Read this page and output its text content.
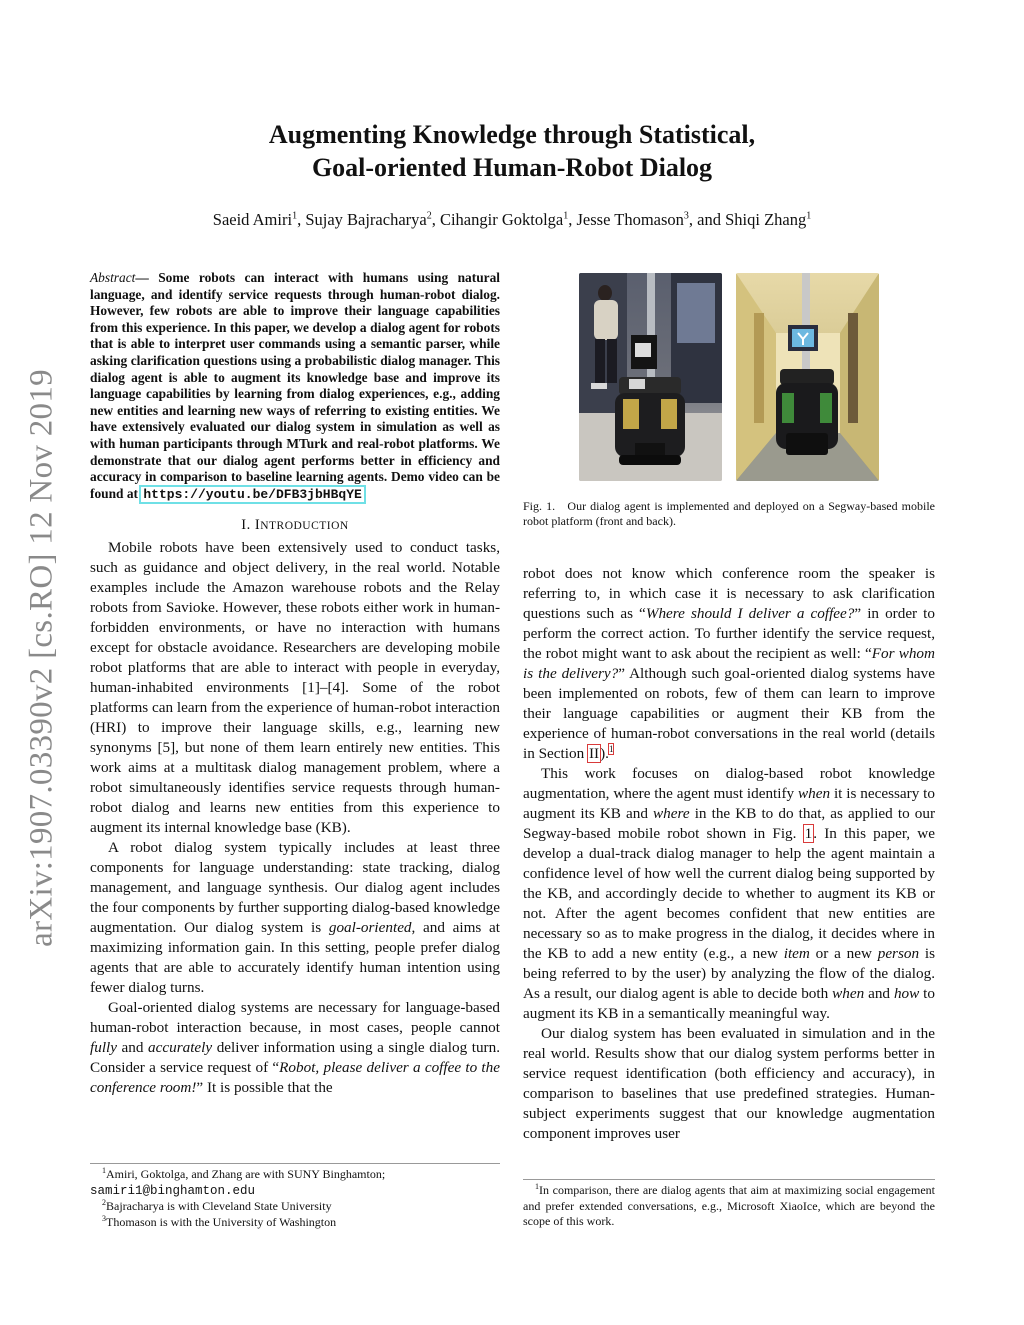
arXiv:1907.03390v2 [cs.RO] 12 Nov 2019
Augmenting Knowledge through Statistical,
Goal-oriented Human-Robot Dialog
Saeid Amiri$^1$, Sujay Bajracharya$^2$, Cihangir Goktolga$^1$, Jesse Thomason$^3$, and Shiqi Zhang$^1$
Abstract— Some robots can interact with humans using natural language, and identify service requests through human-robot dialog. However, few robots are able to improve their language capabilities from this experience. In this paper, we develop a dialog agent for robots that is able to interpret user commands using a semantic parser, while asking clarification questions using a probabilistic dialog manager. This dialog agent is able to augment its knowledge base and improve its language capabilities by learning from dialog experiences, e.g., adding new entities and learning new ways of referring to existing entities. We have extensively evaluated our dialog system in simulation as well as with human participants through MTurk and real-robot platforms. We demonstrate that our dialog agent performs better in efficiency and accuracy in comparison to baseline learning agents. Demo video can be found at https://youtu.be/DFB3jbHBqYE
I. INTRODUCTION

Mobile robots have been extensively used to conduct tasks, such as guidance and object delivery, in the real world. Notable examples include the Amazon warehouse robots and the Relay robots from Savioke. However, these robots either work in human-forbidden environments, or have no interaction with humans except for obstacle avoidance. Researchers are developing mobile robot platforms that are able to interact with people in everyday, human-inhabited environments [1]–[4]. Some of the robot platforms can learn from the experience of human-robot interaction (HRI) to improve their language skills, e.g., learning new synonyms [5], but none of them learn entirely new entities. This work aims at a multitask dialog management problem, where a robot simultaneously identifies service requests through human-robot dialog and learns new entities from this experience to augment its internal knowledge base (KB).

A robot dialog system typically includes at least three components for language understanding: state tracking, dialog management, and language synthesis. Our dialog agent includes the four components by further supporting dialog-based knowledge augmentation. Our dialog system is goal-oriented, and aims at maximizing information gain. In this setting, people prefer dialog agents that are able to accurately identify human intention using fewer dialog turns.

Goal-oriented dialog systems are necessary for language-based human-robot interaction because, in most cases, people cannot fully and accurately deliver information using a single dialog turn. Consider a service request of “Robot, please deliver a coffee to the conference room!” It is possible that the

$^1$Amiri, Goktolga, and Zhang are with SUNY Binghamton;
samiri1@binghamton.edu
$^2$Bajracharya is with Cleveland State University
$^3$Thomason is with the University of Washington
Fig. 1. Our dialog agent is implemented and deployed on a Segway-based mobile robot platform (front and back).

robot does not know which conference room the speaker is referring to, in which case it is necessary to ask clarification questions such as “Where should I deliver a coffee?” in order to perform the correct action. To further identify the service request, the robot might want to ask about the recipient as well: “For whom is the delivery?” Although such goal-oriented dialog systems have been implemented on robots, few of them can learn to improve their language capabilities or augment their KB from the experience of human-robot conversations in the real world (details in Section II).$^1$

This work focuses on dialog-based robot knowledge augmentation, where the agent must identify when it is necessary to augment its KB and where in the KB to do that, as applied to our Segway-based mobile robot shown in Fig. 1. In this paper, we develop a dual-track dialog manager to help the agent maintain a confidence level of how well the current dialog being supported by the KB, and accordingly decide to whether to augment its KB or not. After the agent becomes confident that new entities are necessary so as to make progress in the dialog, it decides where in the KB to add a new entity (e.g., a new item or a new person is being referred to by the user) by analyzing the flow of the dialog. As a result, our dialog agent is able to decide both when and how to augment its KB in a semantically meaningful way.

Our dialog system has been evaluated in simulation and in the real world. Results show that our dialog system performs better in service request identification (both efficiency and accuracy), in comparison to baselines that use predefined strategies. Human-subject experiments suggest that our knowledge augmentation component improves user

$^1$In comparison, there are dialog agents that aim at maximizing social engagement and prefer extended conversations, e.g., Microsoft XiaoIce, which are beyond the scope of this work.
